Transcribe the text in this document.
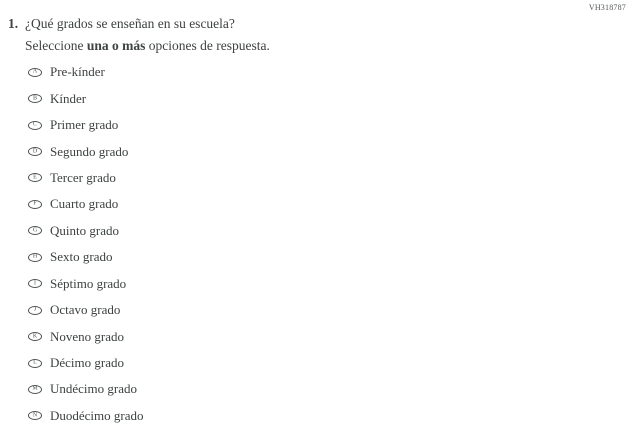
VH318787
1. ¿Qué grados se enseñan en su escuela?
Seleccione una o más opciones de respuesta.
A Pre-kínder
B Kínder
C Primer grado
D Segundo grado
E Tercer grado
F Cuarto grado
G Quinto grado
H Sexto grado
I Séptimo grado
J Octavo grado
K Noveno grado
L Décimo grado
M Undécimo grado
N Duodécimo grado
